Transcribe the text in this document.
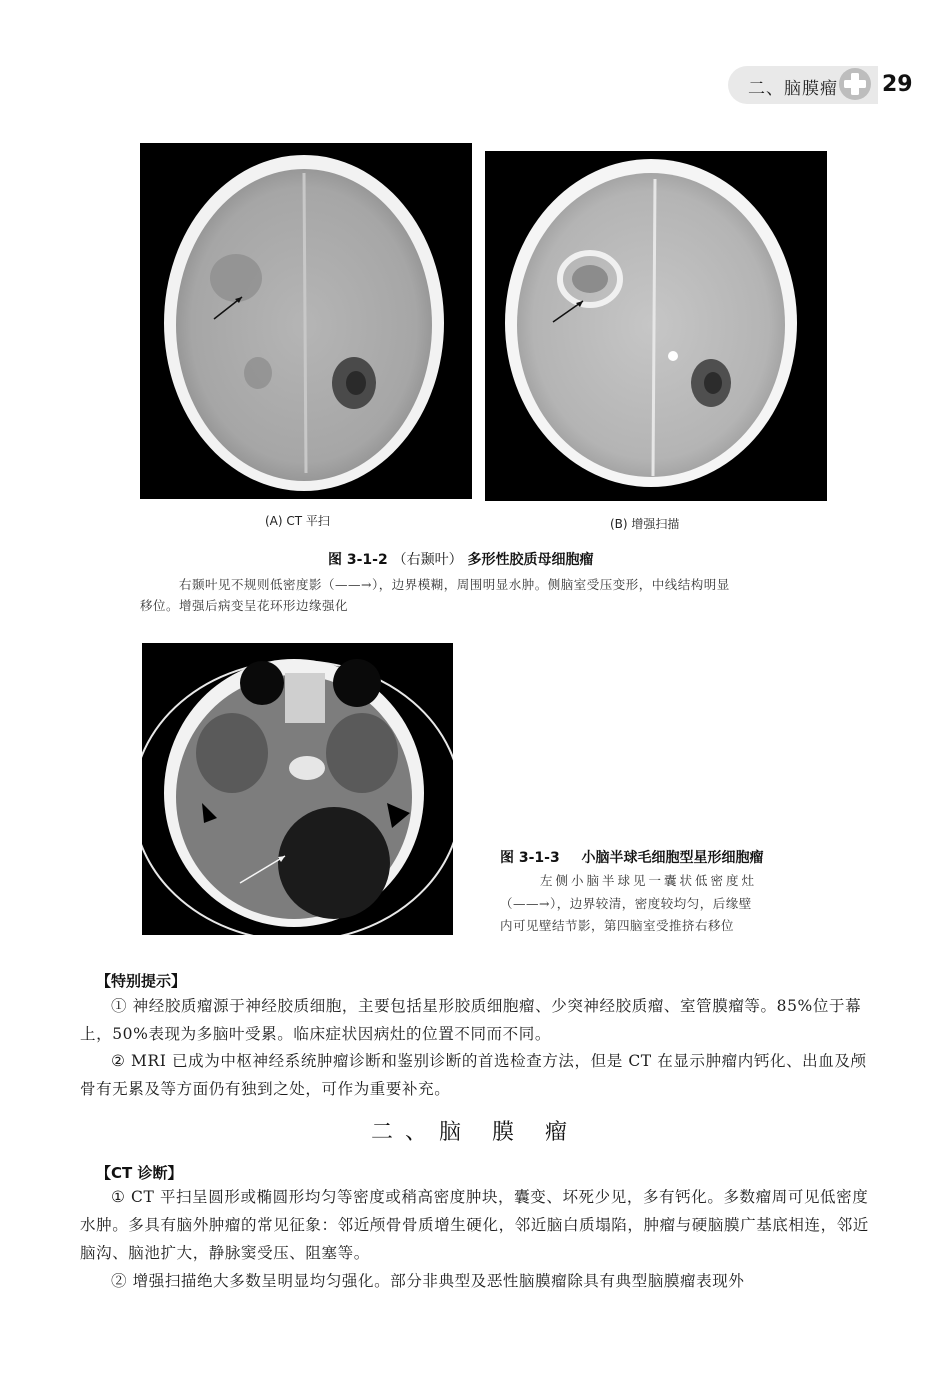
二、脑膜瘤 29
(A) CT 平扫	(B) 增强扫描
图 3-1-2 （右颞叶） 多形性胶质母细胞瘤
右颞叶见不规则低密度影（——→），边界模糊，周围明显水肿。侧脑室受压变形，中线结构明显
移位。增强后病变呈花环形边缘强化
图 3-1-3 小脑半球毛细胞型星形细胞瘤
左侧小脑半球见一囊状低密度灶
（——→），边界较清，密度较均匀，后缘壁
内可见壁结节影，第四脑室受推挤右移位
【特别提示】
① 神经胶质瘤源于神经胶质细胞，主要包括星形胶质细胞瘤、少突神经胶质瘤、室管膜瘤等。85%位于幕上，50%表现为多脑叶受累。临床症状因病灶的位置不同而不同。
② MRI 已成为中枢神经系统肿瘤诊断和鉴别诊断的首选检查方法，但是 CT 在显示肿瘤内钙化、出血及颅骨有无累及等方面仍有独到之处，可作为重要补充。
二、脑 膜 瘤
【CT 诊断】
① CT 平扫呈圆形或椭圆形均匀等密度或稍高密度肿块，囊变、坏死少见，多有钙化。多数瘤周可见低密度水肿。多具有脑外肿瘤的常见征象：邻近颅骨骨质增生硬化，邻近脑白质塌陷，肿瘤与硬脑膜广基底相连，邻近脑沟、脑池扩大，静脉窦受压、阻塞等。
② 增强扫描绝大多数呈明显均匀强化。部分非典型及恶性脑膜瘤除具有典型脑膜瘤表现外
